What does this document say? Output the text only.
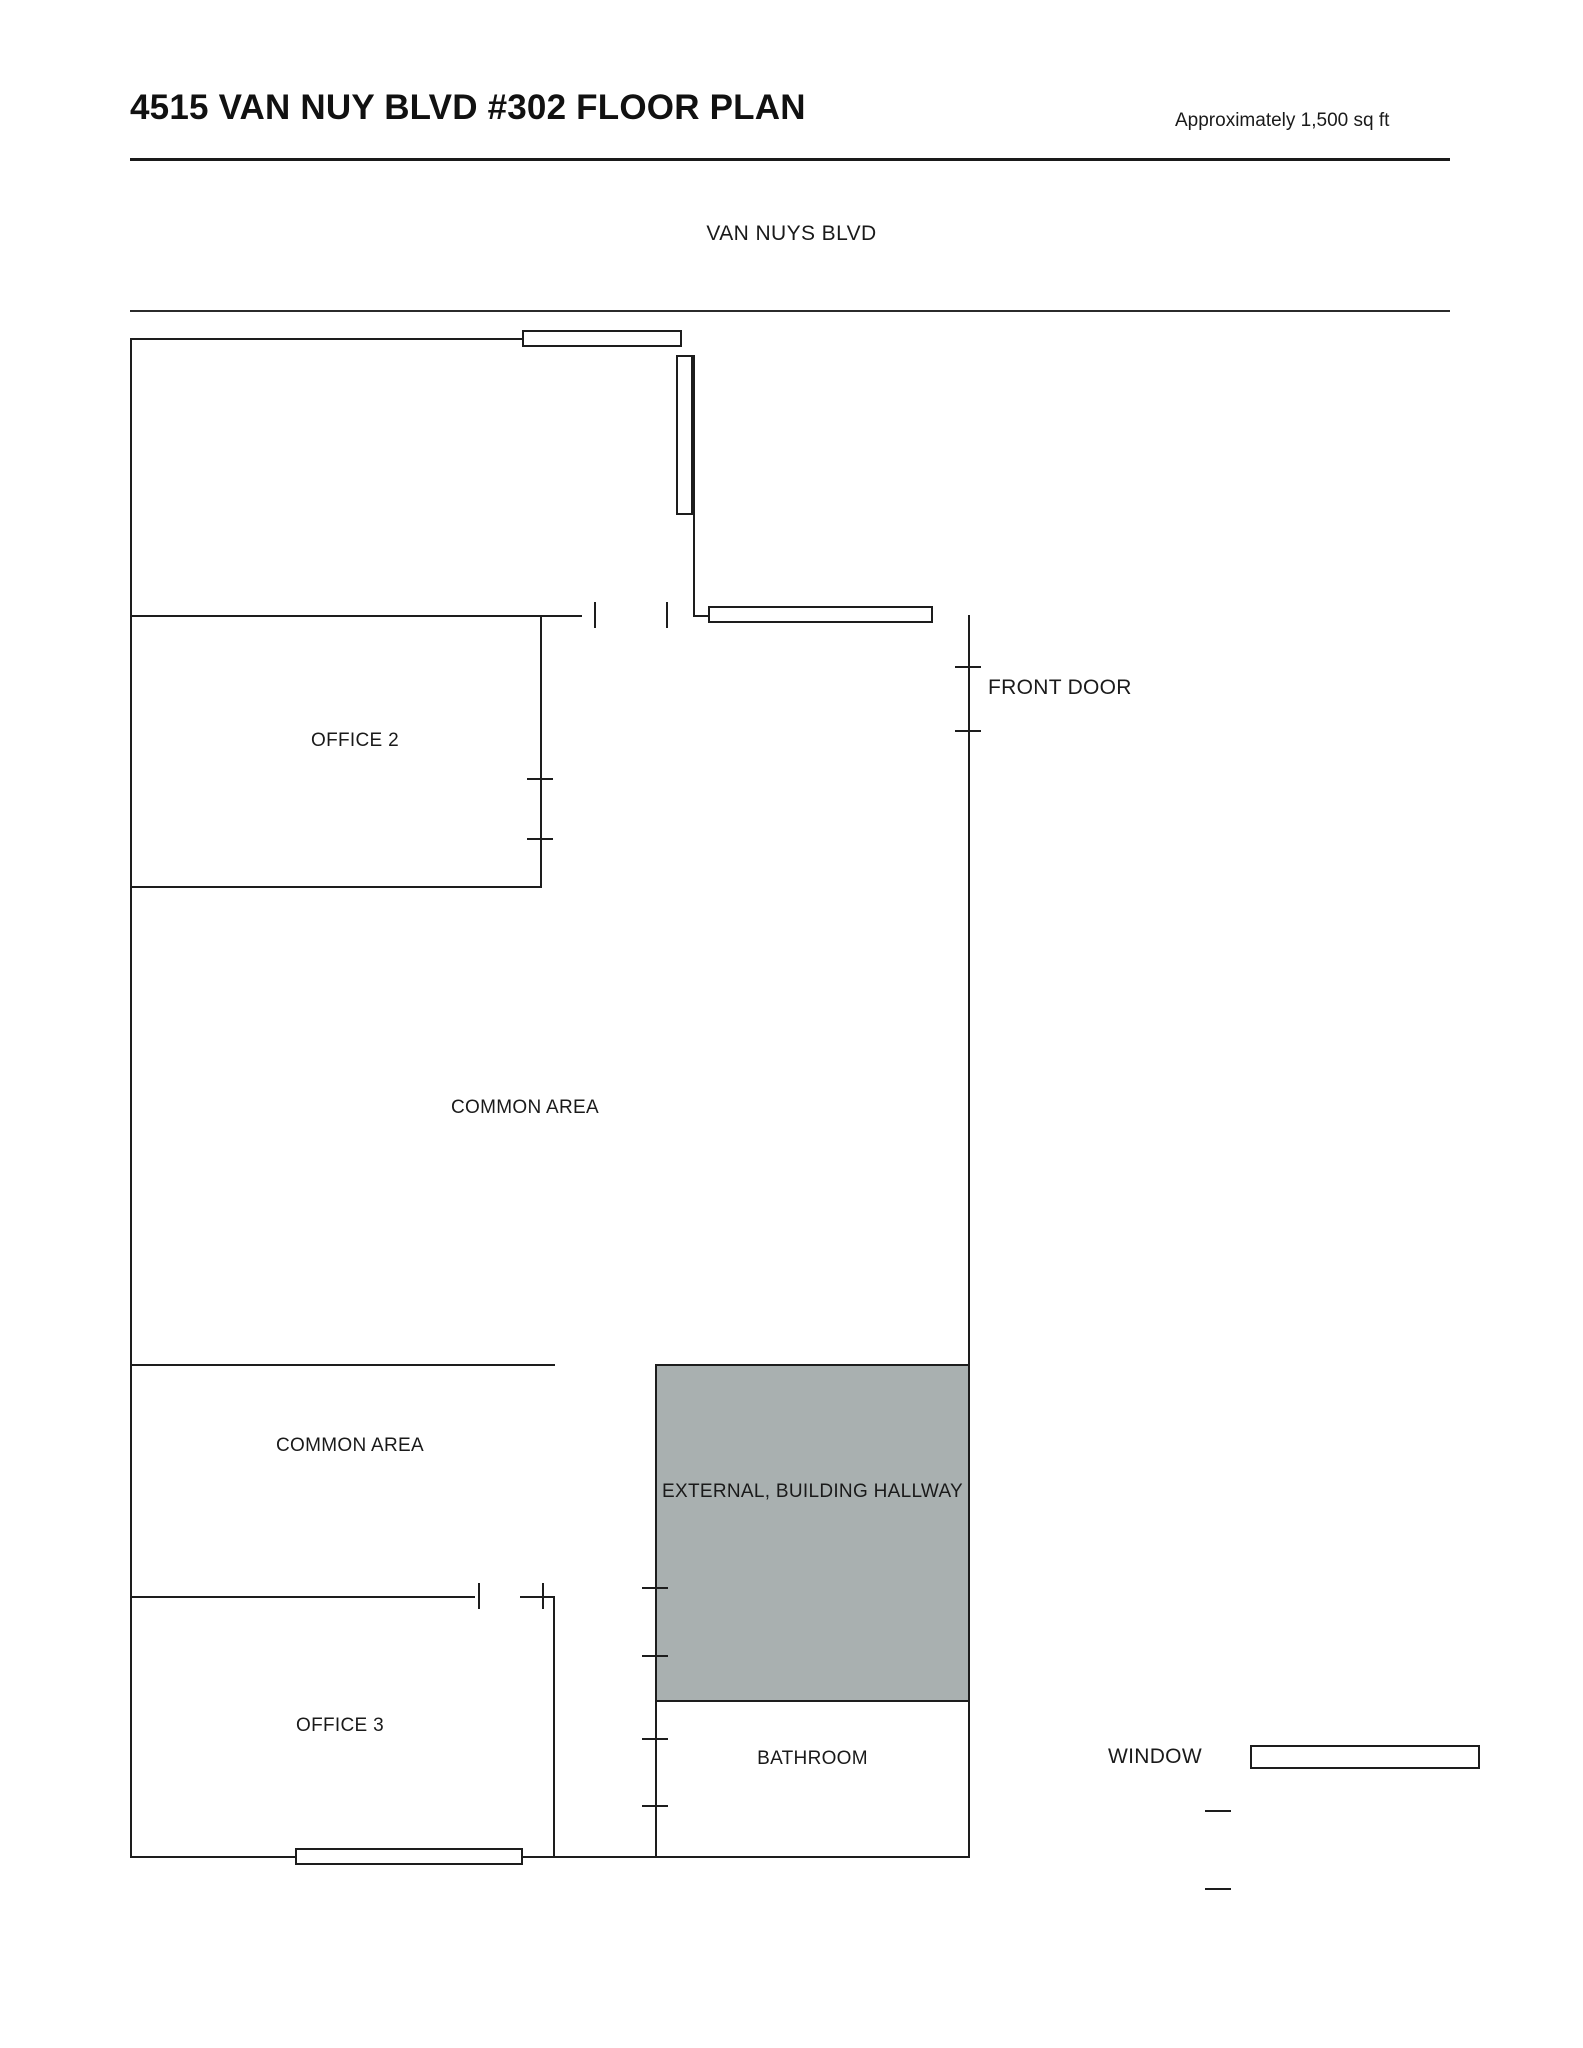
4515 VAN NUY BLVD #302 FLOOR PLAN	Approximately 1,500 sq ft
VAN NUYS BLVD
FRONT DOOR
OFFICE 2
COMMON AREA
COMMON AREA
OFFICE 3
EXTERNAL, BUILDING HALLWAY
BATHROOM	WINDOW
